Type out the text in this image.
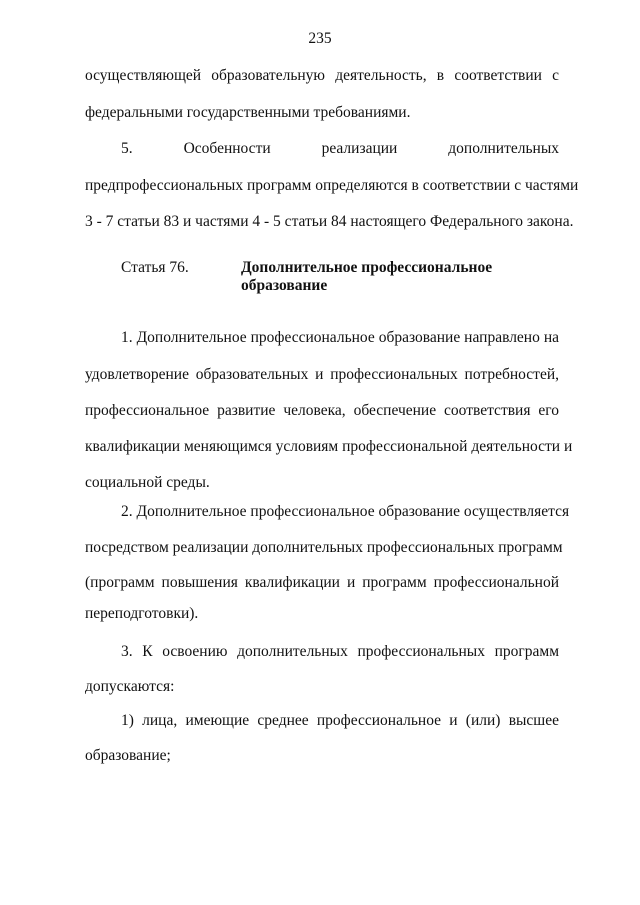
235
осуществляющей образовательную деятельность, в соответствии с
федеральными государственными требованиями.
5. Особенности реализации дополнительных
предпрофессиональных программ определяются в соответствии с частями
3 - 7 статьи 83 и частями 4 - 5 статьи 84 настоящего Федерального закона.
Статья 76.	Дополнительное профессиональное
образование
1. Дополнительное профессиональное образование направлено на
удовлетворение образовательных и профессиональных потребностей,
профессиональное развитие человека, обеспечение соответствия его
квалификации меняющимся условиям профессиональной деятельности и
социальной среды.
2. Дополнительное профессиональное образование осуществляется
посредством реализации дополнительных профессиональных программ
(программ повышения квалификации и программ профессиональной
переподготовки).
3. К освоению дополнительных профессиональных программ
допускаются:
1) лица, имеющие среднее профессиональное и (или) высшее
образование;
